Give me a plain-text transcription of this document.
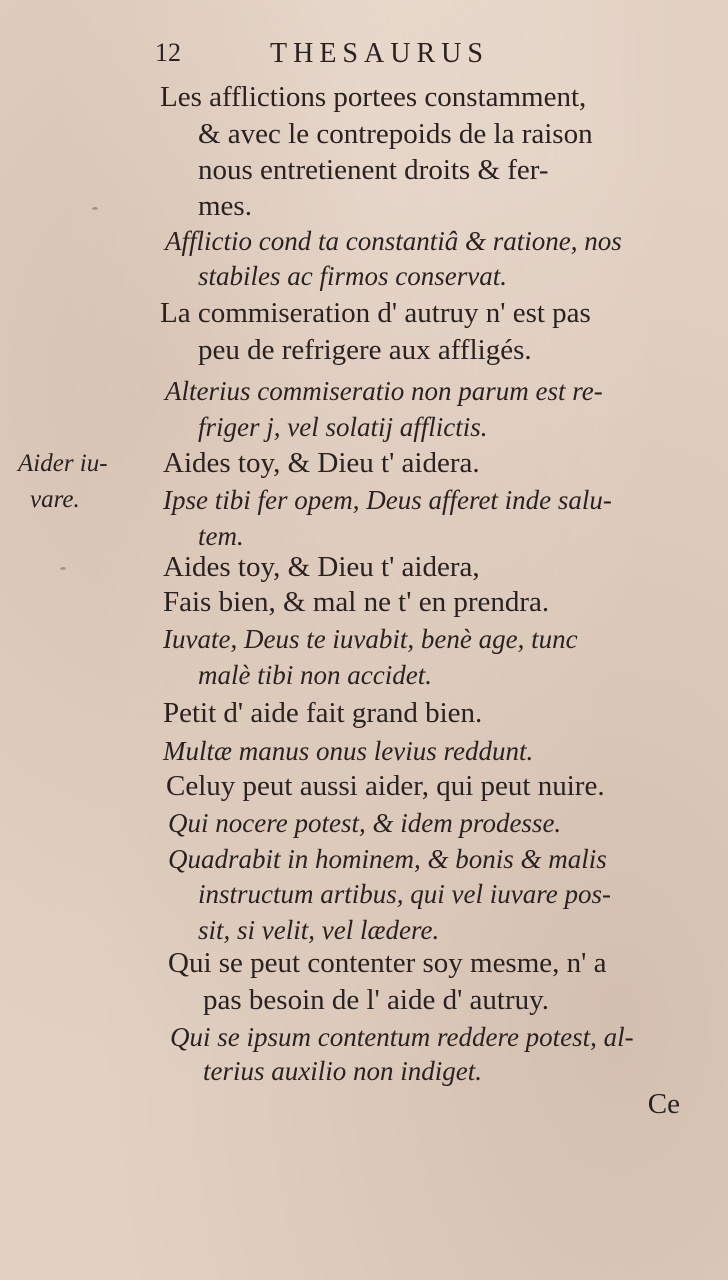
12	THESAURUS
Aider iu-
vare.
Les afflictions portees constamment,
& avec le contrepoids de la raison
nous entretienent droits & fer-
mes.
Afflictio cond ta constantiâ & ratione, nos
stabiles ac firmos conservat.
La commiseration d' autruy n' est pas
peu de refrigere aux affligés.
Alterius commiseratio non parum est re-
friger j, vel solatij afflictis.
Aides toy, & Dieu t' aidera.
Ipse tibi fer opem, Deus afferet inde salu-
tem.
Aides toy, & Dieu t' aidera,
Fais bien, & mal ne t' en prendra.
Iuvate, Deus te iuvabit, benè age, tunc
malè tibi non accidet.
Petit d' aide fait grand bien.
Multæ manus onus levius reddunt.
Celuy peut aussi aider, qui peut nuire.
Qui nocere potest, & idem prodesse.
Quadrabit in hominem, & bonis & malis
instructum artibus, qui vel iuvare pos-
sit, si velit, vel lædere.
Qui se peut contenter soy mesme, n' a
pas besoin de l' aide d' autruy.
Qui se ipsum contentum reddere potest, al-
terius auxilio non indiget.
Ce
